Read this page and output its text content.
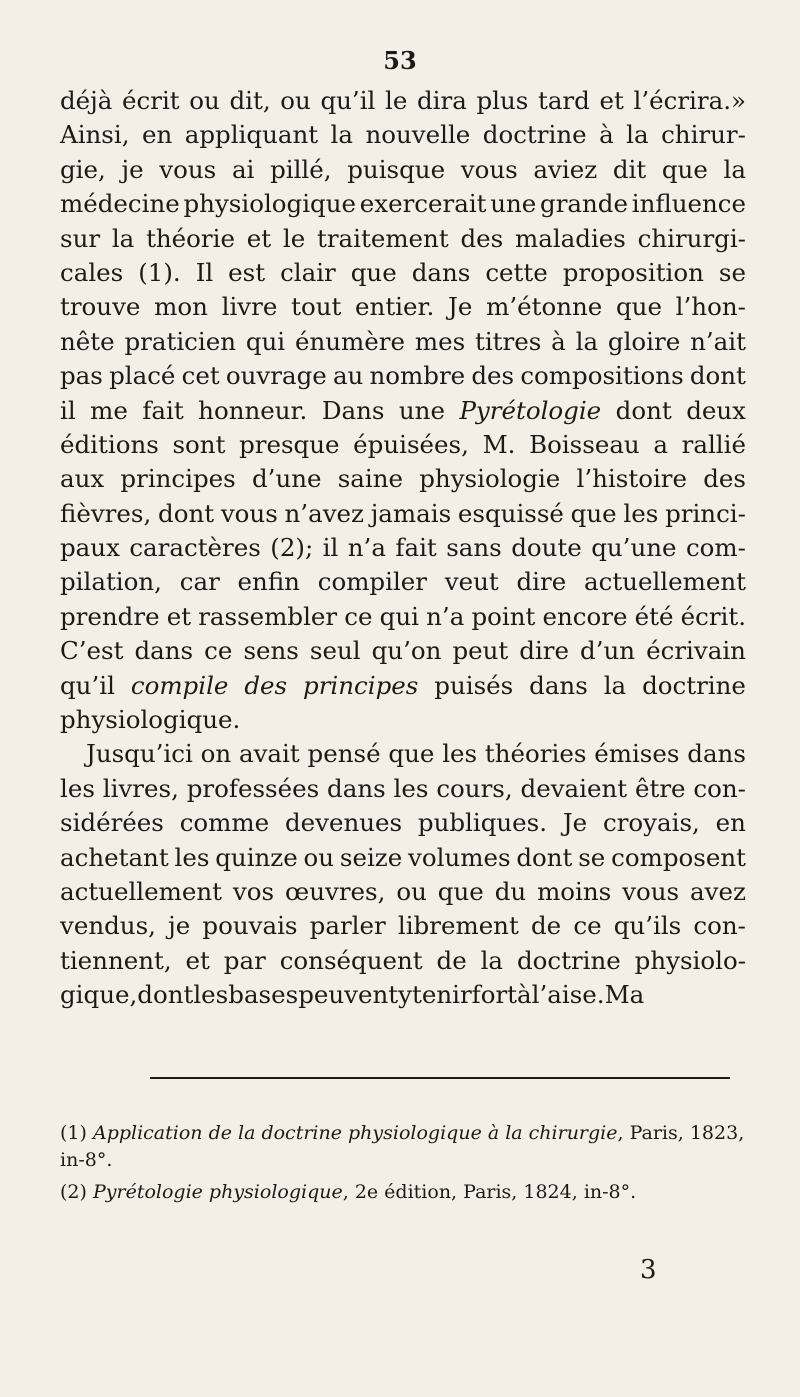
53
déjà écrit ou dit, ou qu’il le dira plus tard et l’écrira.»
Ainsi, en appliquant la nouvelle doctrine à la chirur-
gie, je vous ai pillé, puisque vous aviez dit que la
médecine physiologique exercerait une grande influence
sur la théorie et le traitement des maladies chirurgi-
cales (1). Il est clair que dans cette proposition se
trouve mon livre tout entier. Je m’étonne que l’hon-
nête praticien qui énumère mes titres à la gloire n’ait
pas placé cet ouvrage au nombre des compositions dont
il me fait honneur. Dans une Pyrétologie dont deux
éditions sont presque épuisées, M. Boisseau a rallié
aux principes d’une saine physiologie l’histoire des
fièvres, dont vous n’avez jamais esquissé que les princi-
paux caractères (2); il n’a fait sans doute qu’une com-
pilation, car enfin compiler veut dire actuellement
prendre et rassembler ce qui n’a point encore été écrit.
C’est dans ce sens seul qu’on peut dire d’un écrivain
qu’il compile des principes puisés dans la doctrine
physiologique.
Jusqu’ici on avait pensé que les théories émises dans
les livres, professées dans les cours, devaient être con-
sidérées comme devenues publiques. Je croyais, en
achetant les quinze ou seize volumes dont se composent
actuellement vos œuvres, ou que du moins vous avez
vendus, je pouvais parler librement de ce qu’ils con-
tiennent, et par conséquent de la doctrine physiolo-
gique, dont les bases peuvent y tenir fort à l’aise. Ma
(1) Application de la doctrine physiologique à la chirurgie, Paris, 1823, in-8°.
(2) Pyrétologie physiologique, 2e édition, Paris, 1824, in-8°.
3
